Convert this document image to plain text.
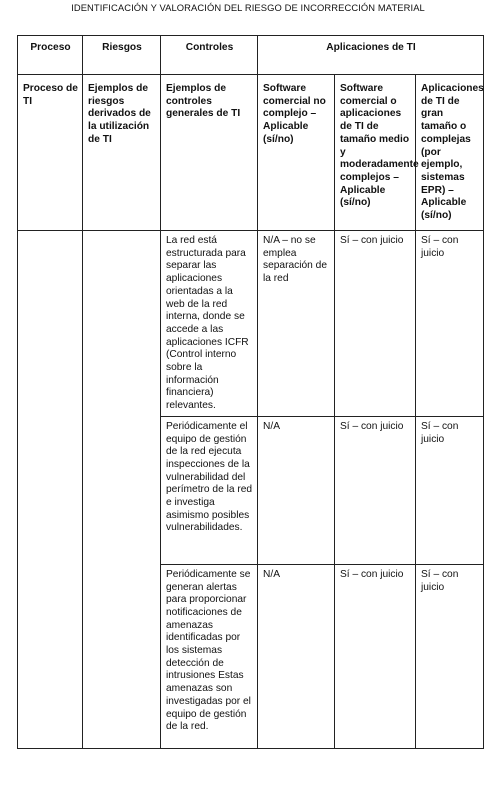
IDENTIFICACIÓN Y VALORACIÓN DEL RIESGO DE INCORRECCIÓN MATERIAL
Proceso	Riesgos	Controles	Aplicaciones de TI		
Proceso de TI	Ejemplos de riesgos derivados de la utilización de TI	Ejemplos de controles generales de TI	Software comercial no complejo – Aplicable (sí/no)	Software comercial o aplicaciones de TI de tamaño medio y moderadamente complejos – Aplicable (sí/no)	Aplicaciones de TI de gran tamaño o complejas (por ejemplo, sistemas EPR) – Aplicable (sí/no)
		La red está estructurada para separar las aplicaciones orientadas a la web de la red interna, donde se accede a las aplicaciones ICFR (Control interno sobre la información financiera) relevantes.	N/A – no se emplea separación de la red	Sí – con juicio	Sí – con juicio
		Periódicamente el equipo de gestión de la red ejecuta inspecciones de la vulnerabilidad del perímetro de la red e investiga asimismo posibles vulnerabilidades.	N/A	Sí – con juicio	Sí – con juicio
		Periódicamente se generan alertas para proporcionar notificaciones de amenazas identificadas por los sistemas detección de intrusiones Estas amenazas son investigadas por el equipo de gestión de la red.	N/A	Sí – con juicio	Sí – con juicio
